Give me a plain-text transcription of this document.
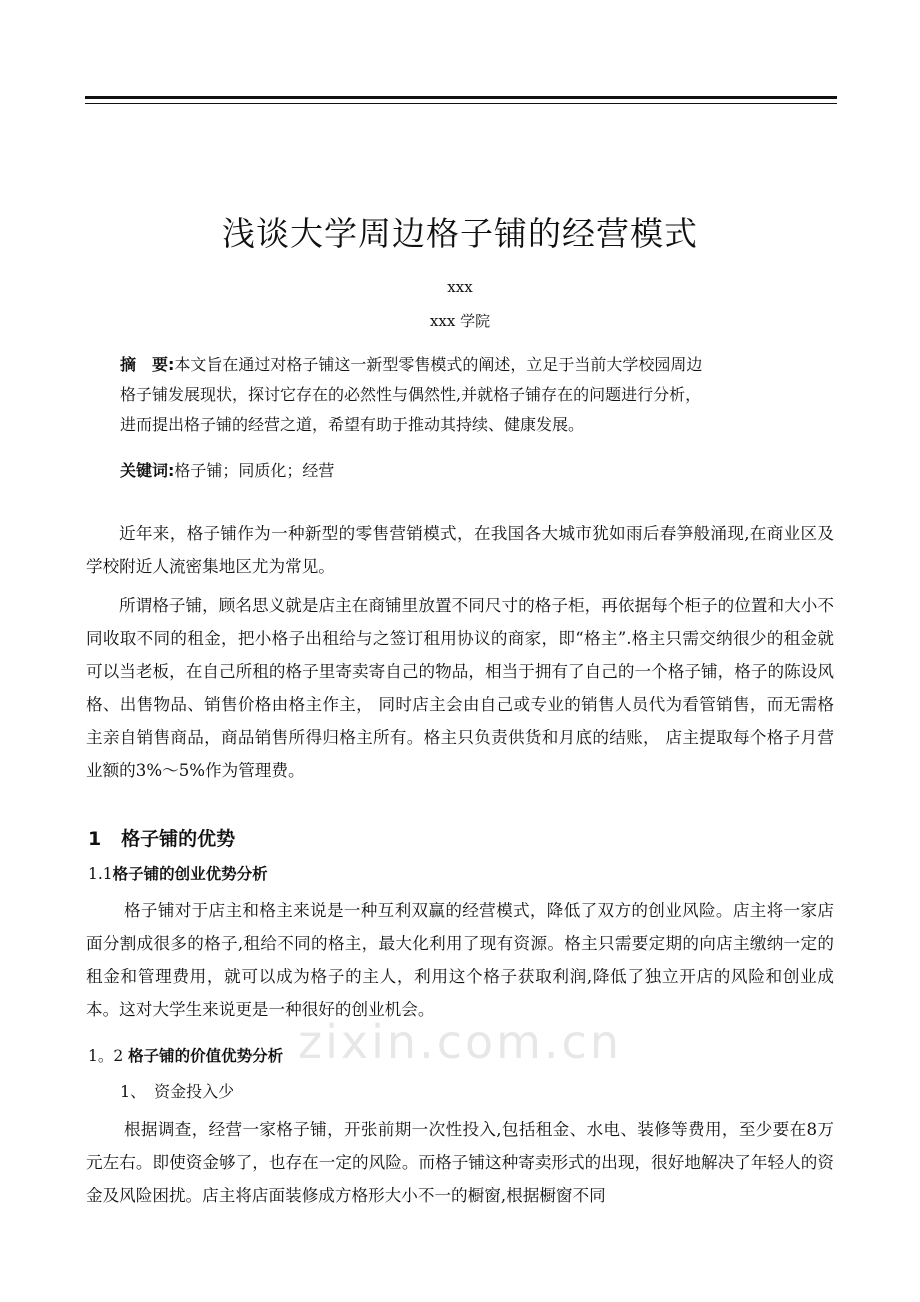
浅谈大学周边格子铺的经营模式
xxx
xxx 学院
摘　要:本文旨在通过对格子铺这一新型零售模式的阐述，立足于当前大学校园周边
格子铺发展现状，探讨它存在的必然性与偶然性,并就格子铺存在的问题进行分析，
进而提出格子铺的经营之道，希望有助于推动其持续、健康发展。
关键词:格子铺；同质化；经营
近年来，格子铺作为一种新型的零售营销模式，在我国各大城市犹如雨后春笋般涌现,在商业区及学校附近人流密集地区尤为常见。
所谓格子铺，顾名思义就是店主在商铺里放置不同尺寸的格子柜，再依据每个柜子的位置和大小不同收取不同的租金，把小格子出租给与之签订租用协议的商家，即“格主”.格主只需交纳很少的租金就可以当老板，在自己所租的格子里寄卖寄自己的物品，相当于拥有了自己的一个格子铺，格子的陈设风格、出售物品、销售价格由格主作主， 同时店主会由自己或专业的销售人员代为看管销售，而无需格主亲自销售商品，商品销售所得归格主所有。格主只负责供货和月底的结账， 店主提取每个格子月营业额的3%～5%作为管理费。
1 格子铺的优势
1.1格子铺的创业优势分析
格子铺对于店主和格主来说是一种互利双赢的经营模式，降低了双方的创业风险。店主将一家店面分割成很多的格子,租给不同的格主，最大化利用了现有资源。格主只需要定期的向店主缴纳一定的租金和管理费用，就可以成为格子的主人，利用这个格子获取利润,降低了独立开店的风险和创业成本。这对大学生来说更是一种很好的创业机会。
1。2 格子铺的价值优势分析
1、　资金投入少
根据调查，经营一家格子铺，开张前期一次性投入,包括租金、水电、装修等费用，至少要在8万元左右。即使资金够了，也存在一定的风险。而格子铺这种寄卖形式的出现，很好地解决了年轻人的资金及风险困扰。店主将店面装修成方格形大小不一的橱窗,根据橱窗不同
zixin.com.cn
